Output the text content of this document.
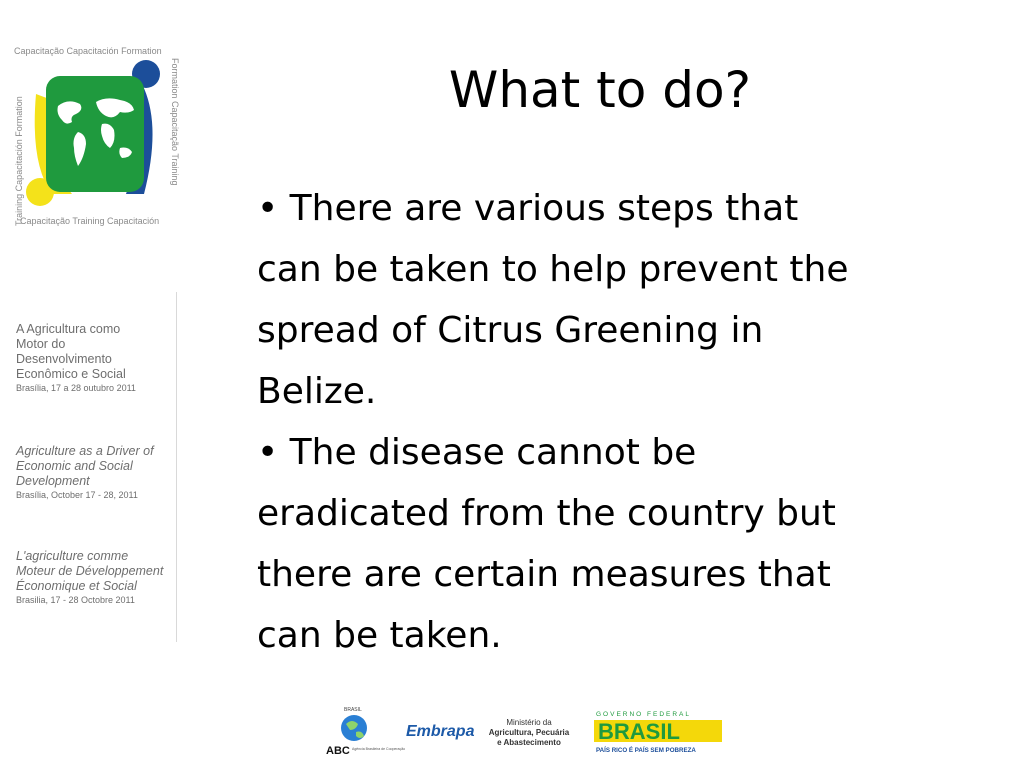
Capacitação Capacitación Formation
Training Capacitación Formation	Formation Capacitação Training
Capacitação Training Capacitación
A Agricultura como
Motor do
Desenvolvimento
Econômico e Social
Brasília, 17 a 28 outubro 2011
Agriculture as a Driver of
Economic and Social
Development
Brasília, October 17 - 28, 2011
L'agriculture comme
Moteur de Développement
Économique et Social
Brasilia, 17 - 28 Octobre 2011
What to do?
• There are various steps that
can be taken to help prevent the
spread of Citrus Greening in
Belize.
• The disease cannot be
eradicated from the country but
there are certain measures that
can be taken.
BRASIL
ABC Agência Brasileira de Cooperação
Embrapa
Ministério da
Agricultura, Pecuária
e Abastecimento
GOVERNO FEDERAL
BRASIL
PAÍS RICO É PAÍS SEM POBREZA
